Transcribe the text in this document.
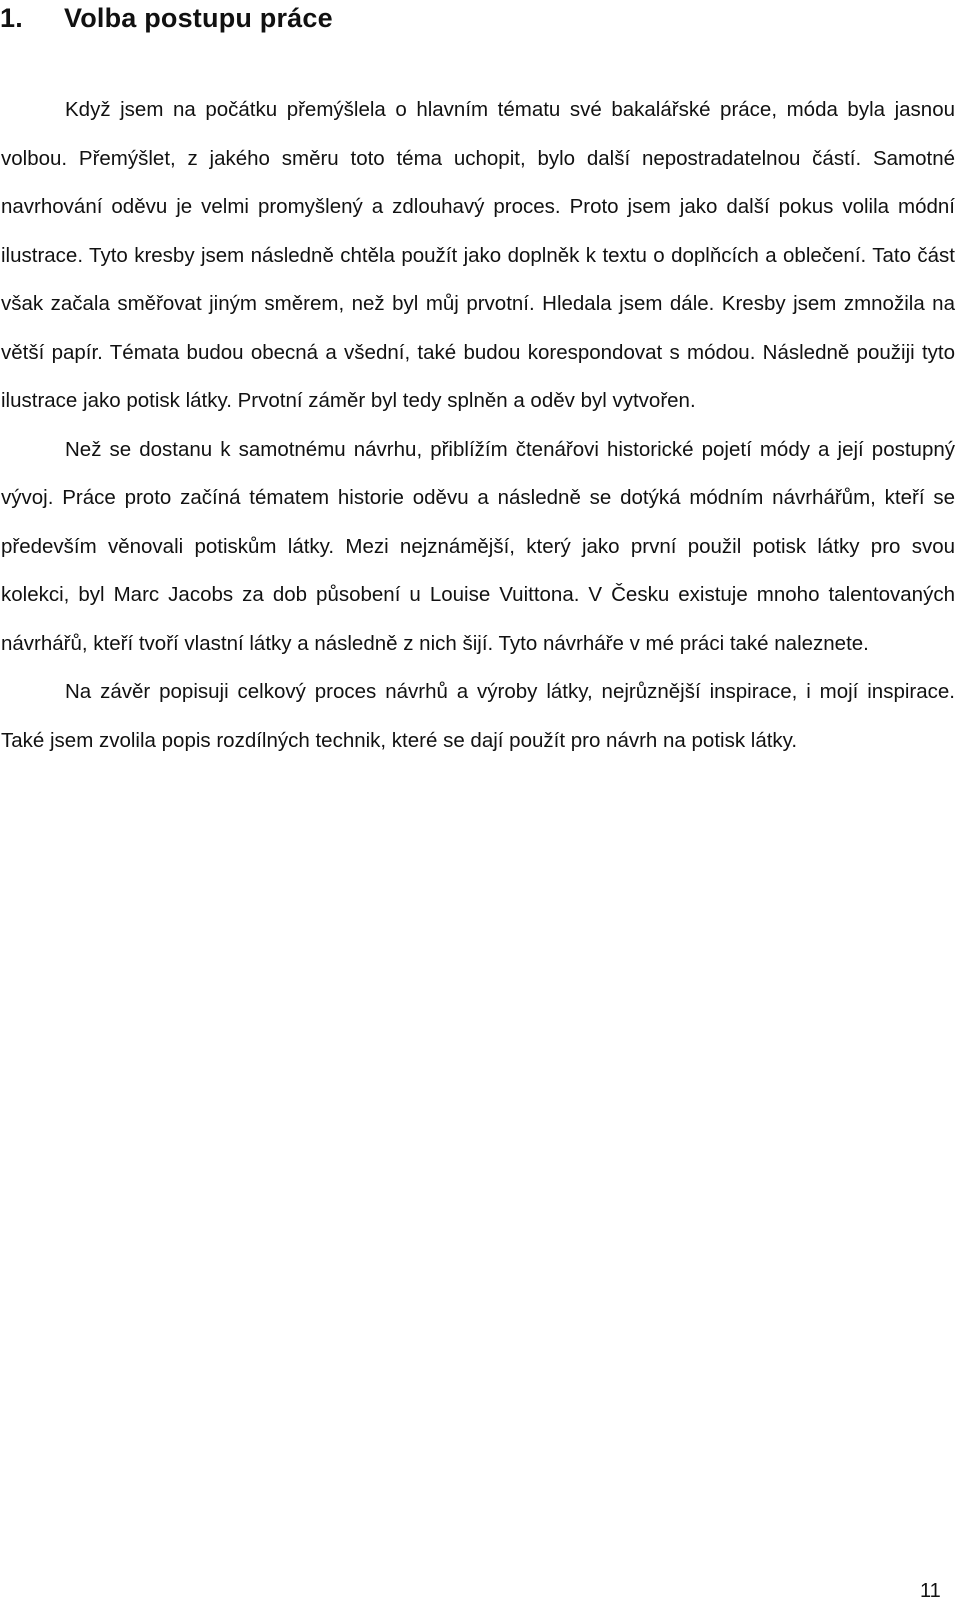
1. Volba postupu práce

Když jsem na počátku přemýšlela o hlavním tématu své bakalářské práce, móda byla jasnou volbou. Přemýšlet, z jakého směru toto téma uchopit, bylo další nepostradatelnou částí. Samotné navrhování oděvu je velmi promyšlený a zdlouhavý proces. Proto jsem jako další pokus volila módní ilustrace. Tyto kresby jsem následně chtěla použít jako doplněk k textu o doplňcích a oblečení. Tato část však začala směřovat jiným směrem, než byl můj prvotní. Hledala jsem dále. Kresby jsem zmnožila na větší papír. Témata budou obecná a všední, také budou korespondovat s módou. Následně použiji tyto ilustrace jako potisk látky. Prvotní záměr byl tedy splněn a oděv byl vytvořen.

Než se dostanu k samotnému návrhu, přiblížím čtenářovi historické pojetí módy a její postupný vývoj. Práce proto začíná tématem historie oděvu a následně se dotýká módním návrhářům, kteří se především věnovali potiskům látky. Mezi nejznámější, který jako první použil potisk látky pro svou kolekci, byl Marc Jacobs za dob působení u Louise Vuittona. V Česku existuje mnoho talentovaných návrhářů, kteří tvoří vlastní látky a následně z nich šijí. Tyto návrháře v mé práci také naleznete.

Na závěr popisuji celkový proces návrhů a výroby látky, nejrůznější inspirace, i mojí inspirace. Také jsem zvolila popis rozdílných technik, které se dají použít pro návrh na potisk látky.

11
